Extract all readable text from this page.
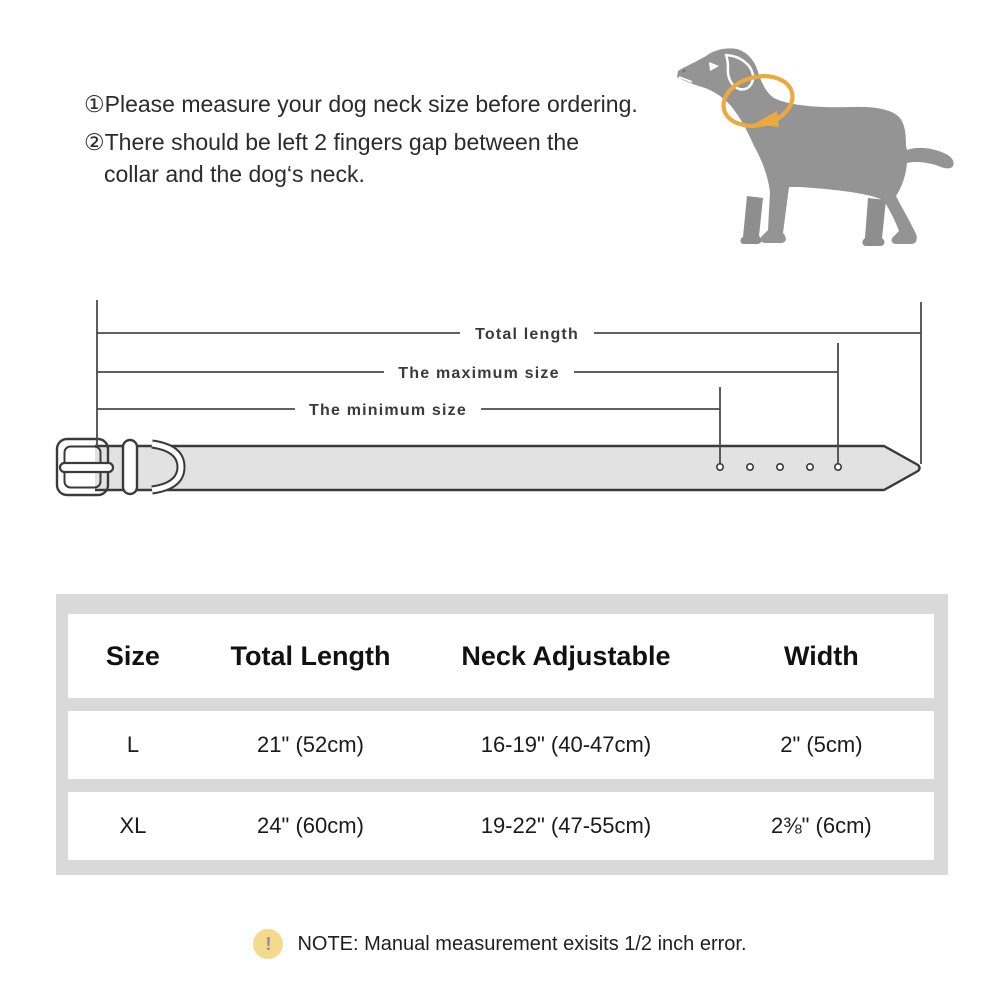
①Please measure your dog neck size before ordering.
②There should be left 2 fingers gap between the
collar and the dog‘s neck.
Total length
The maximum size
The minimum size
Size	Total Length	Neck Adjustable	Width
L	21" (52cm)	16-19" (40-47cm)	2" (5cm)
XL	24" (60cm)	19-22" (47-55cm)	2⅜" (6cm)
!	NOTE: Manual measurement exisits 1/2 inch error.
